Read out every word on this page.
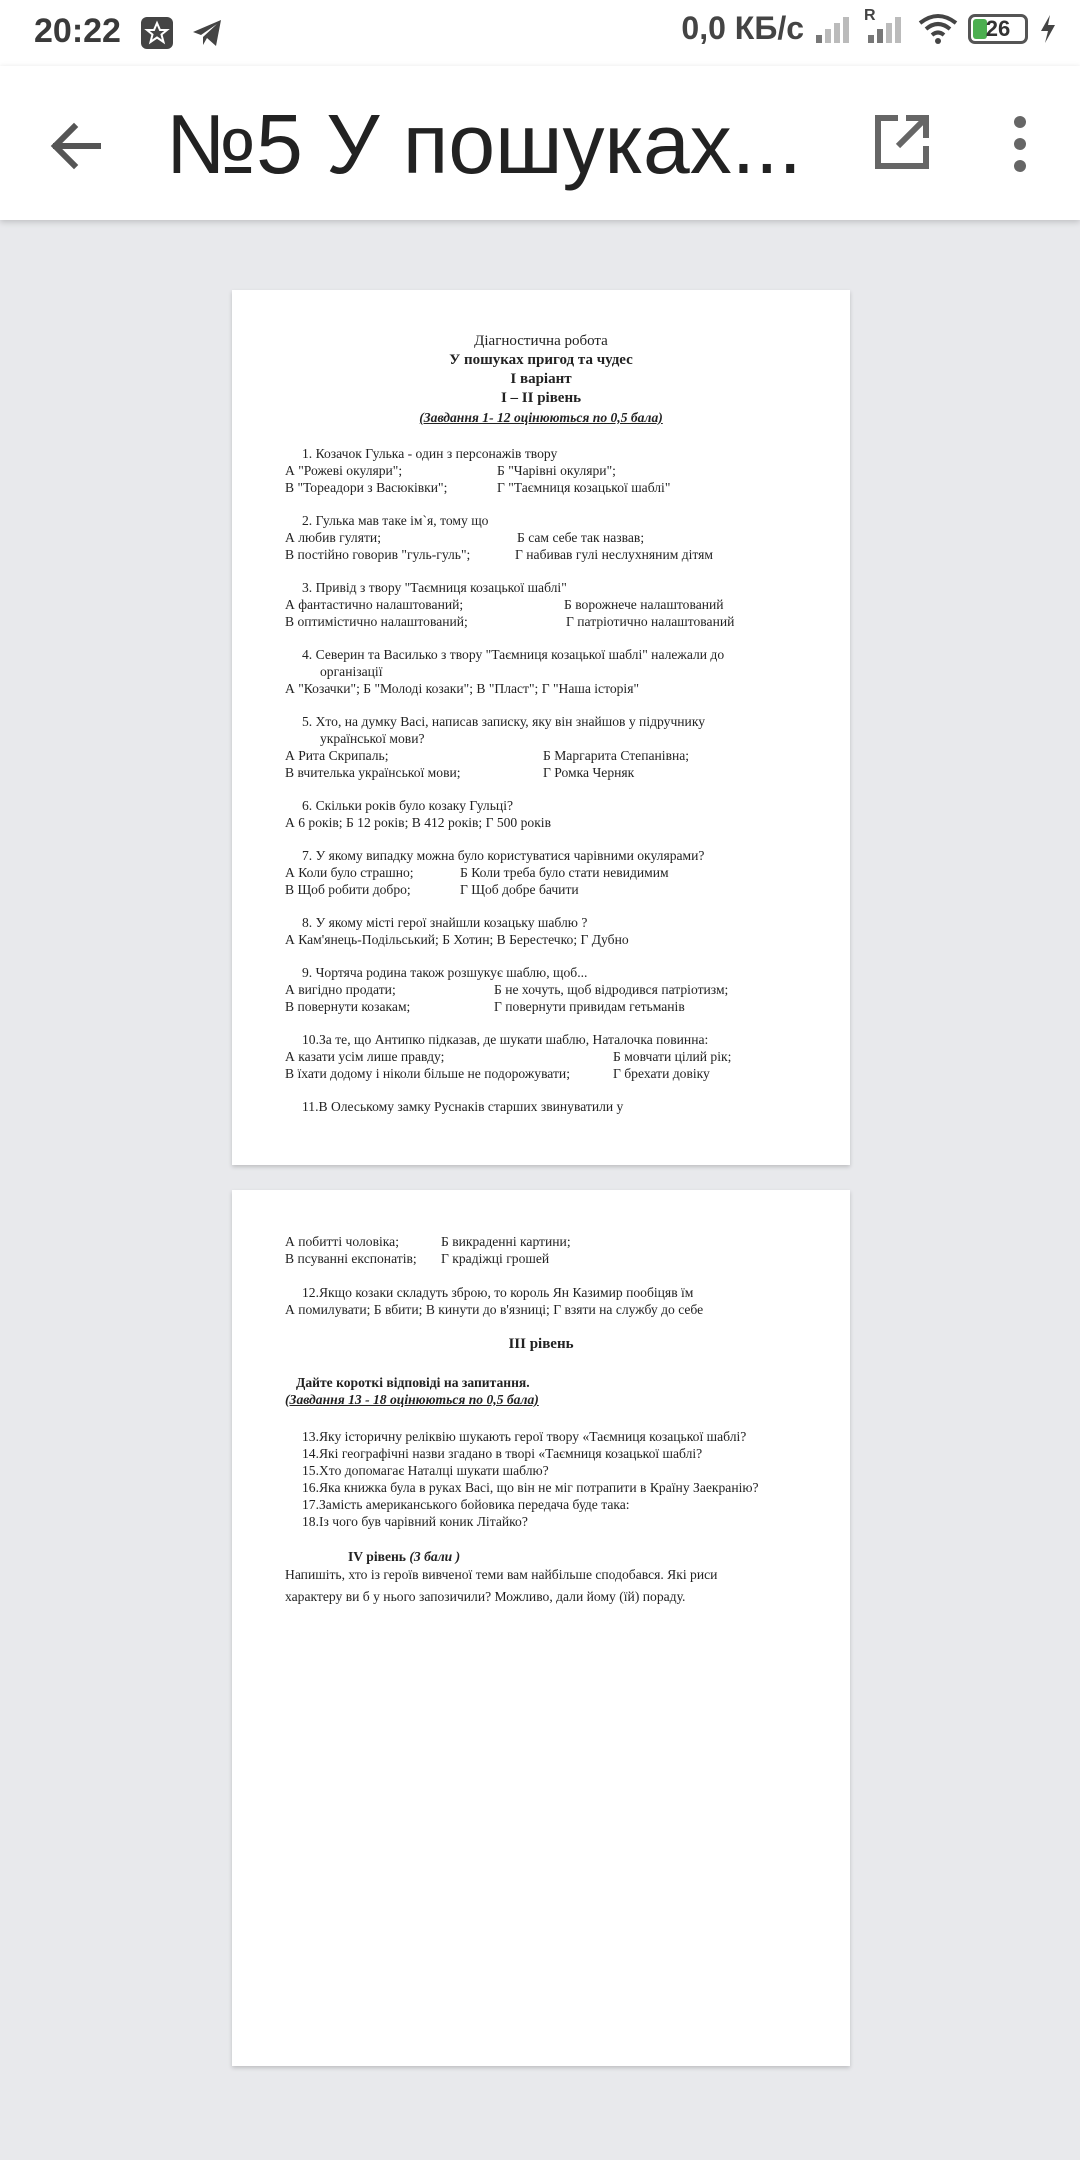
20:22	0,0 КБ/с	R
26
№5 У пошуках...
Діагностична робота
У пошуках пригод та чудес
І варіант
І – ІІ рівень
(Завдання 1- 12 оцінюються по 0,5 бала)
1. Козачок Гулька - один з персонажів твору
А "Рожеві окуляри";	Б "Чарівні окуляри";
В "Тореадори з Васюківки";	Г "Таємниця козацької шаблі"
2. Гулька мав таке ім`я, тому що
А любив гуляти;	Б сам себе так назвав;
В постійно говорив "гуль-гуль";	Г набивав гулі неслухняним дітям
3. Привід з твору "Таємниця козацької шаблі"
А фантастично налаштований;	Б ворожнече налаштований
В оптимістично налаштований;	Г патріотично налаштований
4. Северин та Василько з твору "Таємниця козацької шаблі" належали до
організації
А "Козачки"; Б "Молоді козаки"; В "Пласт"; Г "Наша історія"
5. Хто, на думку Васі, написав записку, яку він знайшов у підручнику
української мови?
А Рита Скрипаль;	Б Маргарита Степанівна;
В вчителька української мови;	Г Ромка Черняк
6. Скільки років було козаку Гульці?
А 6 років; Б 12 років; В 412 років; Г 500 років
7. У якому випадку можна було користуватися чарівними окулярами?
А Коли було страшно;	Б Коли треба було стати невидимим
В Щоб робити добро;	Г Щоб добре бачити
8. У якому місті герої знайшли козацьку шаблю ?
А Кам'янець-Подільський; Б Хотин; В Берестечко; Г Дубно
9. Чортяча родина також розшукує шаблю, щоб...
А вигідно продати;	Б не хочуть, щоб відродився патріотизм;
В повернути козакам;	Г повернути привидам гетьманів
10.За те, що Антипко підказав, де шукати шаблю, Наталочка повинна:
А казати усім лише правду;	Б мовчати цілий рік;
В їхати додому і ніколи більше не подорожувати;	Г брехати довіку
11.В Олеському замку Руснаків старших звинуватили у
А побитті чоловіка;	Б викраденні картини;
В псуванні експонатів; Г крадіжці грошей
12.Якщо козаки складуть зброю, то король Ян Казимир пообіцяв їм
А помилувати; Б вбити; В кинути до в'язниці; Г взяти на службу до себе
ІІІ рівень
Дайте короткі відповіді на запитання.
(Завдання 13 - 18 оцінюються по 0,5 бала)
13.Яку історичну реліквію шукають герої твору «Таємниця козацької шаблі?
14.Які географічні назви згадано в творі «Таємниця козацької шаблі?
15.Хто допомагає Наталці шукати шаблю?
16.Яка книжка була в руках Васі, що він не міг потрапити в Країну Заекранію?
17.Замість американського бойовика передача буде така:
18.Із чого був чарівний коник Літайко?
ІV рівень (3 бали )
Напишіть, хто із героїв вивченої теми вам найбільше сподобався. Які риси
характеру ви б у нього запозичили? Можливо, дали йому (їй) пораду.
